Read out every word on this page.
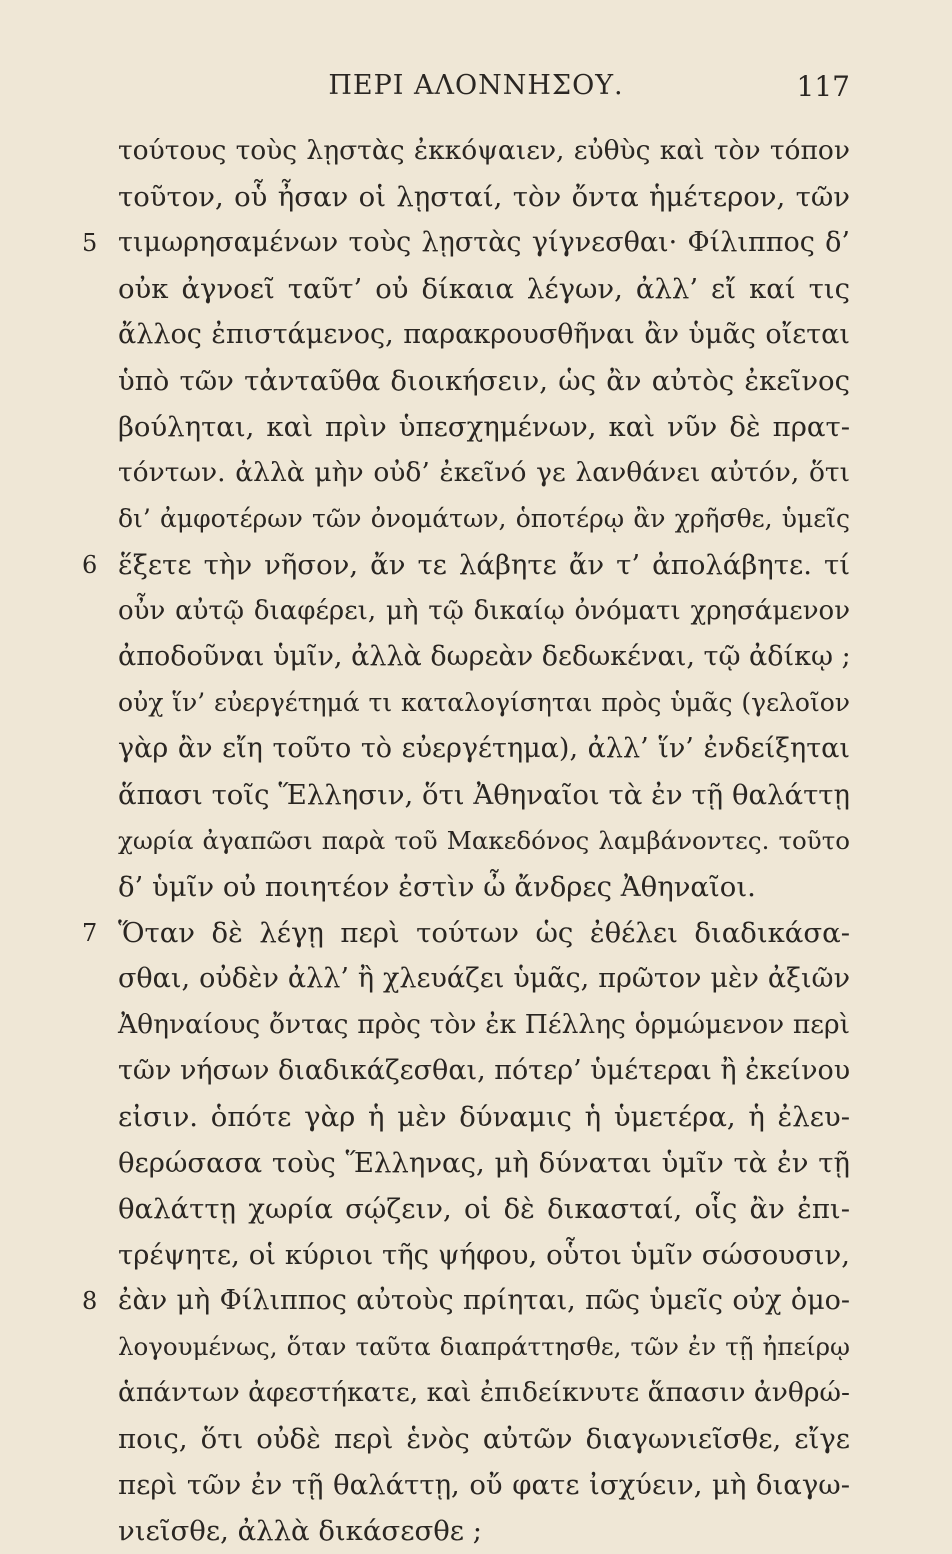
ΠΕΡΙ ΑΛΟΝΝΗΣΟΥ.	117
τούτους τοὺς λῃστὰς ἐκκόψαιεν, εὐθὺς καὶ τὸν τόπον
τοῦτον, οὗ ἦσαν οἱ λῃσταί, τὸν ὄντα ἡμέτερον, τῶν
5 τιμωρησαμένων τοὺς λῃστὰς γίγνεσθαι· Φίλιππος δ’
οὐκ ἀγνοεῖ ταῦτ’ οὐ δίκαια λέγων, ἀλλ’ εἴ καί τις
ἄλλος ἐπιστάμενος, παρακρουσθῆναι ἂν ὑμᾶς οἴεται
ὑπὸ τῶν τἀνταῦθα διοικήσειν, ὡς ἂν αὐτὸς ἐκεῖνος
βούληται, καὶ πρὶν ὑπεσχημένων, καὶ νῦν δὲ πρατ-
τόντων. ἀλλὰ μὴν οὐδ’ ἐκεῖνό γε λανθάνει αὐτόν, ὅτι
δι’ ἀμφοτέρων τῶν ὀνομάτων, ὁποτέρῳ ἂν χρῆσθε, ὑμεῖς
6 ἕξετε τὴν νῆσον, ἄν τε λάβητε ἄν τ’ ἀπολάβητε. τί
οὖν αὐτῷ διαφέρει, μὴ τῷ δικαίῳ ὀνόματι χρησάμενον
ἀποδοῦναι ὑμῖν, ἀλλὰ δωρεὰν δεδωκέναι, τῷ ἀδίκῳ ;
οὐχ ἵν’ εὐεργέτημά τι καταλογίσηται πρὸς ὑμᾶς (γελοῖον
γὰρ ἂν εἴη τοῦτο τὸ εὐεργέτημα), ἀλλ’ ἵν’ ἐνδείξηται
ἅπασι τοῖς Ἕλλησιν, ὅτι Ἀθηναῖοι τὰ ἐν τῇ θαλάττῃ
χωρία ἀγαπῶσι παρὰ τοῦ Μακεδόνος λαμβάνοντες. τοῦτο
δ’ ὑμῖν οὐ ποιητέον ἐστὶν ὦ ἄνδρες Ἀθηναῖοι.
7 Ὅταν δὲ λέγῃ περὶ τούτων ὡς ἐθέλει διαδικάσα-
σθαι, οὐδὲν ἀλλ’ ἢ χλευάζει ὑμᾶς, πρῶτον μὲν ἀξιῶν
Ἀθηναίους ὄντας πρὸς τὸν ἐκ Πέλλης ὁρμώμενον περὶ
τῶν νήσων διαδικάζεσθαι, πότερ’ ὑμέτεραι ἢ ἐκείνου
εἰσιν. ὁπότε γὰρ ἡ μὲν δύναμις ἡ ὑμετέρα, ἡ ἐλευ-
θερώσασα τοὺς Ἕλληνας, μὴ δύναται ὑμῖν τὰ ἐν τῇ
θαλάττῃ χωρία σῴζειν, οἱ δὲ δικασταί, οἷς ἂν ἐπι-
τρέψητε, οἱ κύριοι τῆς ψήφου, οὗτοι ὑμῖν σώσουσιν,
8 ἐὰν μὴ Φίλιππος αὐτοὺς πρίηται, πῶς ὑμεῖς οὐχ ὁμο-
λογουμένως, ὅταν ταῦτα διαπράττησθε, τῶν ἐν τῇ ἠπείρῳ
ἁπάντων ἀφεστήκατε, καὶ ἐπιδείκνυτε ἅπασιν ἀνθρώ-
ποις, ὅτι οὐδὲ περὶ ἑνὸς αὐτῶν διαγωνιεῖσθε, εἴγε
περὶ τῶν ἐν τῇ θαλάττῃ, οὔ φατε ἰσχύειν, μὴ διαγω-
νιεῖσθε, ἀλλὰ δικάσεσθε ;
